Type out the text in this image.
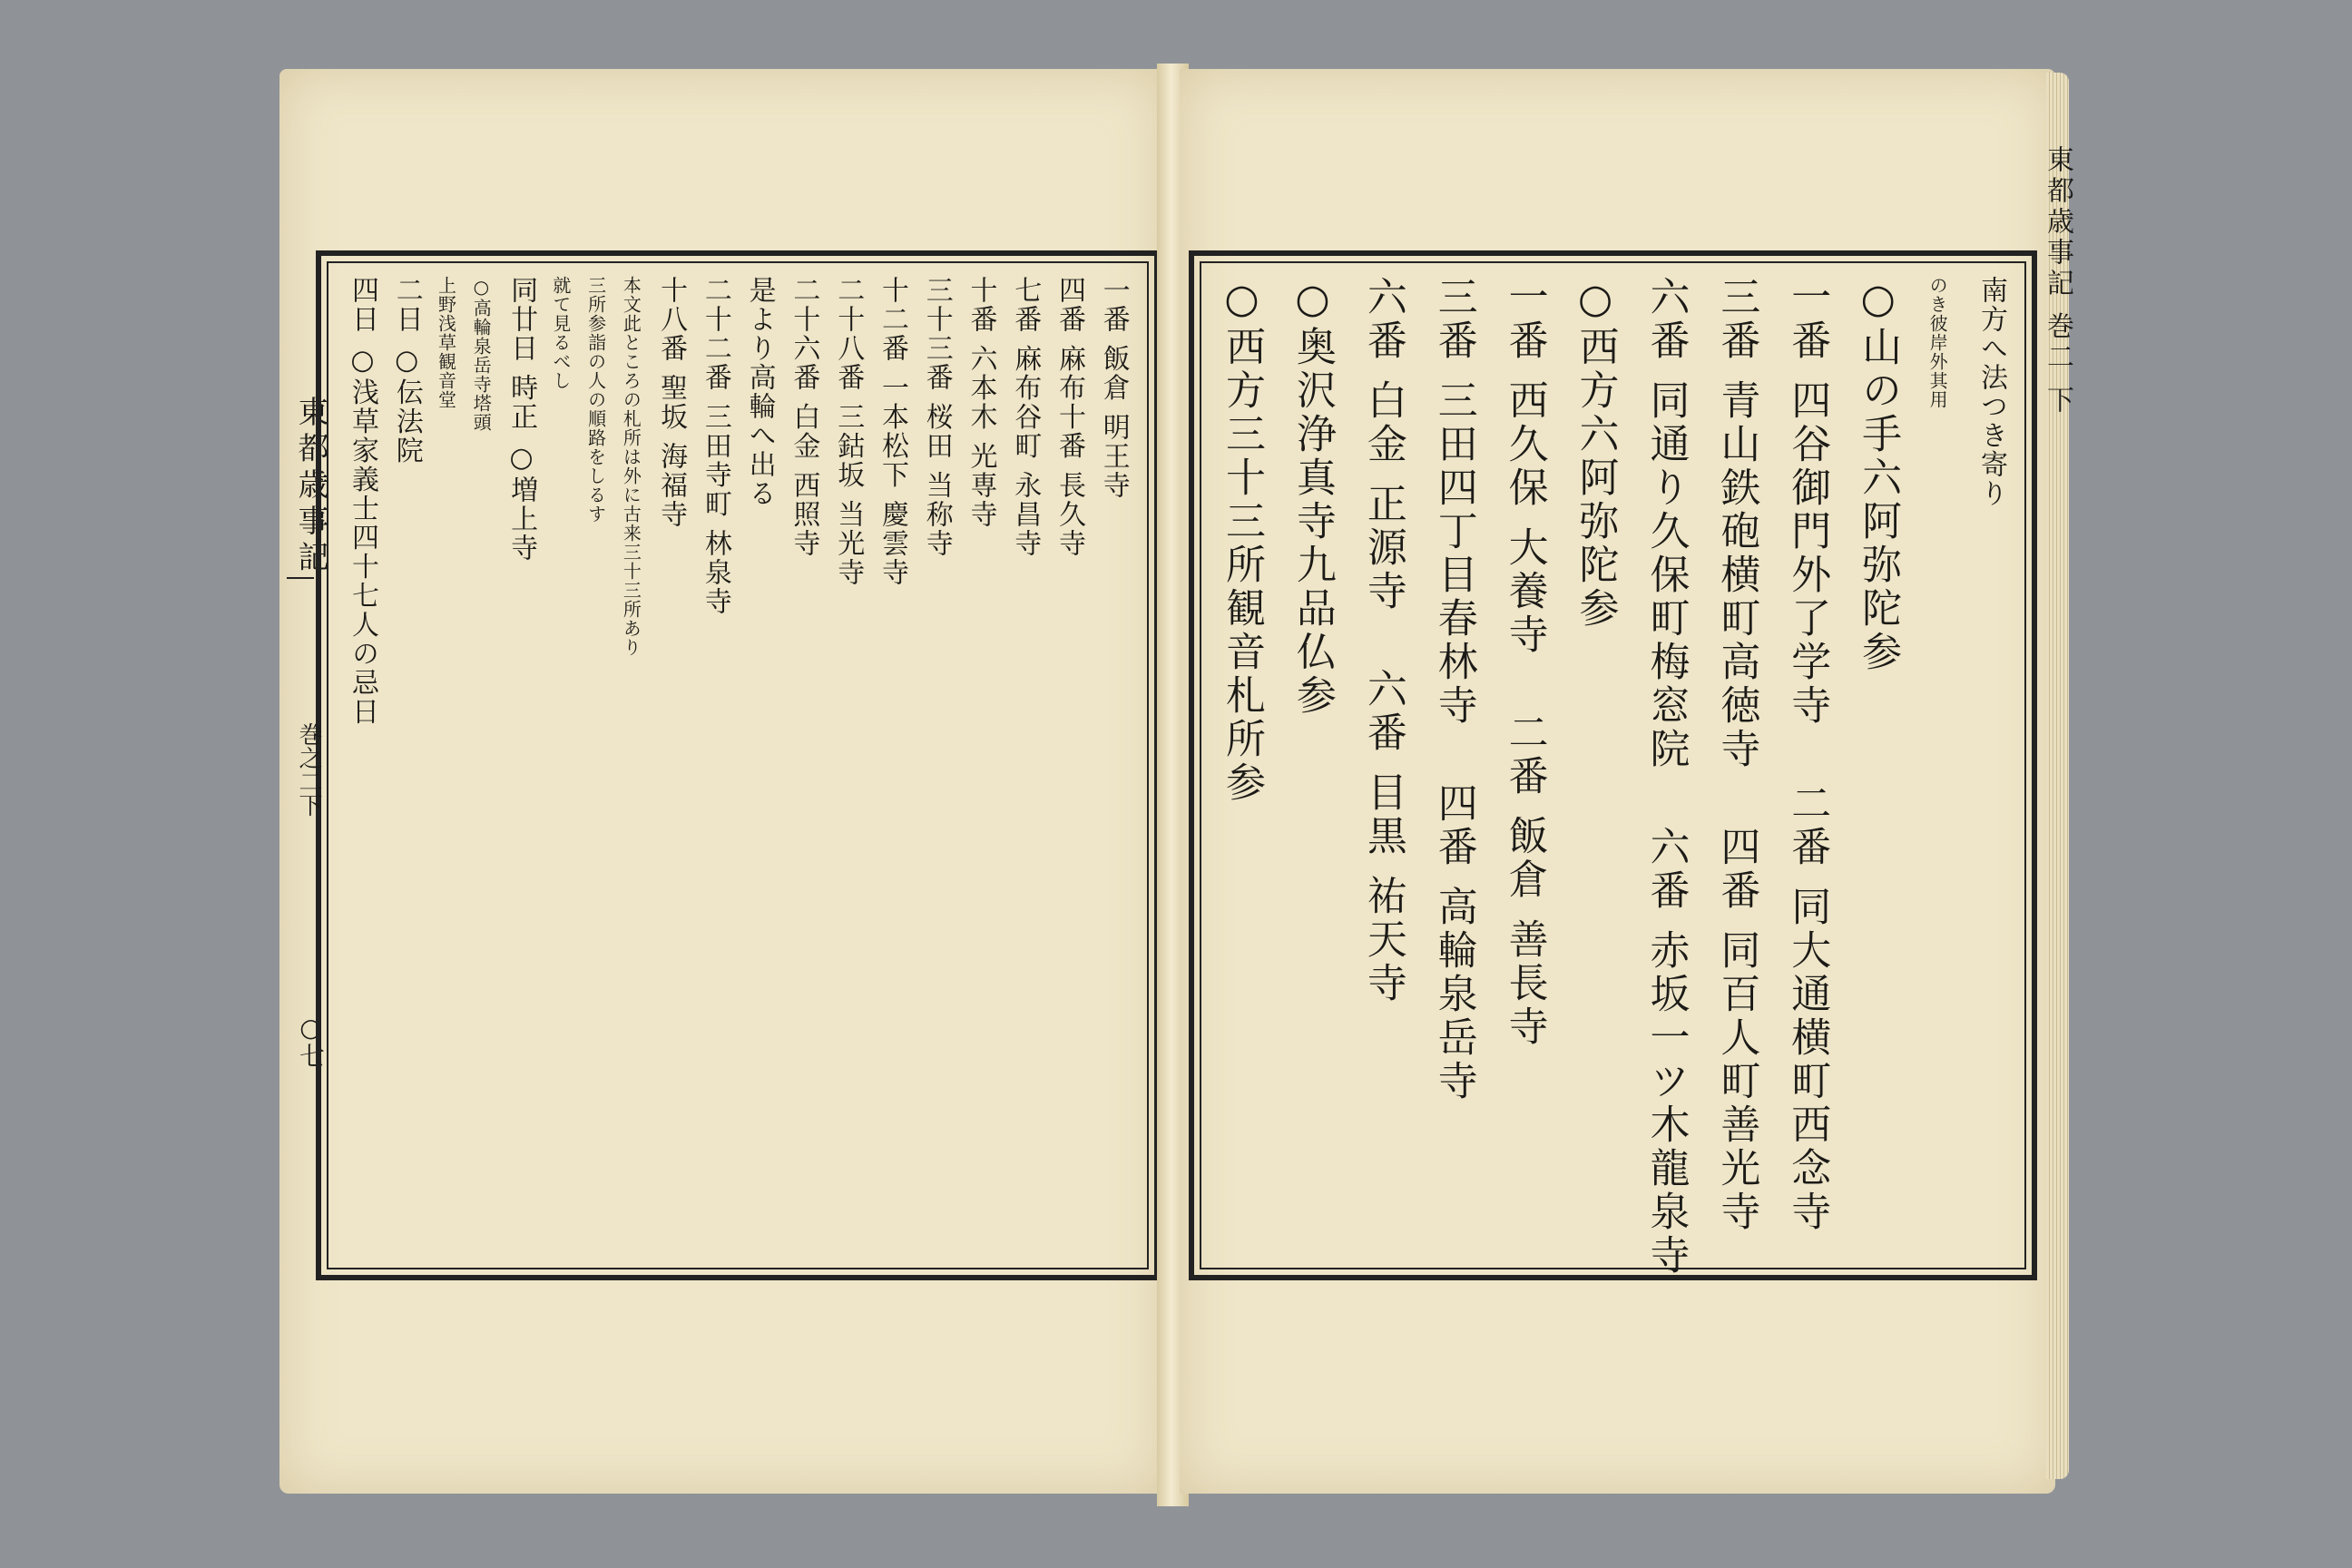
東都歳事記
○七
一番 飯倉 明王寺
四番 麻布十番 長久寺
七番 麻布谷町 永昌寺
十番 六本木 光専寺
三十三番 桜田 当称寺
十二番 一本松下 慶雲寺
二十八番 三鈷坂 当光寺
二十六番 白金 西照寺
是より高輪へ出る
二十二番 三田寺町 林泉寺
十八番 聖坂 海福寺
本文此ところの札所は外に古来三十三所あり
三所参詣の人の順路をしるす
就て見るべし
同廿日 時正 ○増上寺
○高輪泉岳寺塔頭
上野浅草観音堂
二日 ○伝法院
四日 ○浅草家義士四十七人の忌日
巻之二下
南方へ法つき寄り
のき彼岸外其用
○山の手六阿弥陀参
一番 四谷御門外了学寺二番 同大通横町西念寺
三番 青山鉄砲横町高徳寺四番 同百人町善光寺
六番 同通り久保町梅窓院六番 赤坂一ツ木龍泉寺
○西方六阿弥陀参
一番 西久保 大養寺二番 飯倉 善長寺
三番 三田四丁目春林寺四番 高輪泉岳寺
六番 白金 正源寺六番 目黒 祐天寺
○奥沢浄真寺九品仏参
○西方三十三所観音札所参	東都歳事記 巻二 下
